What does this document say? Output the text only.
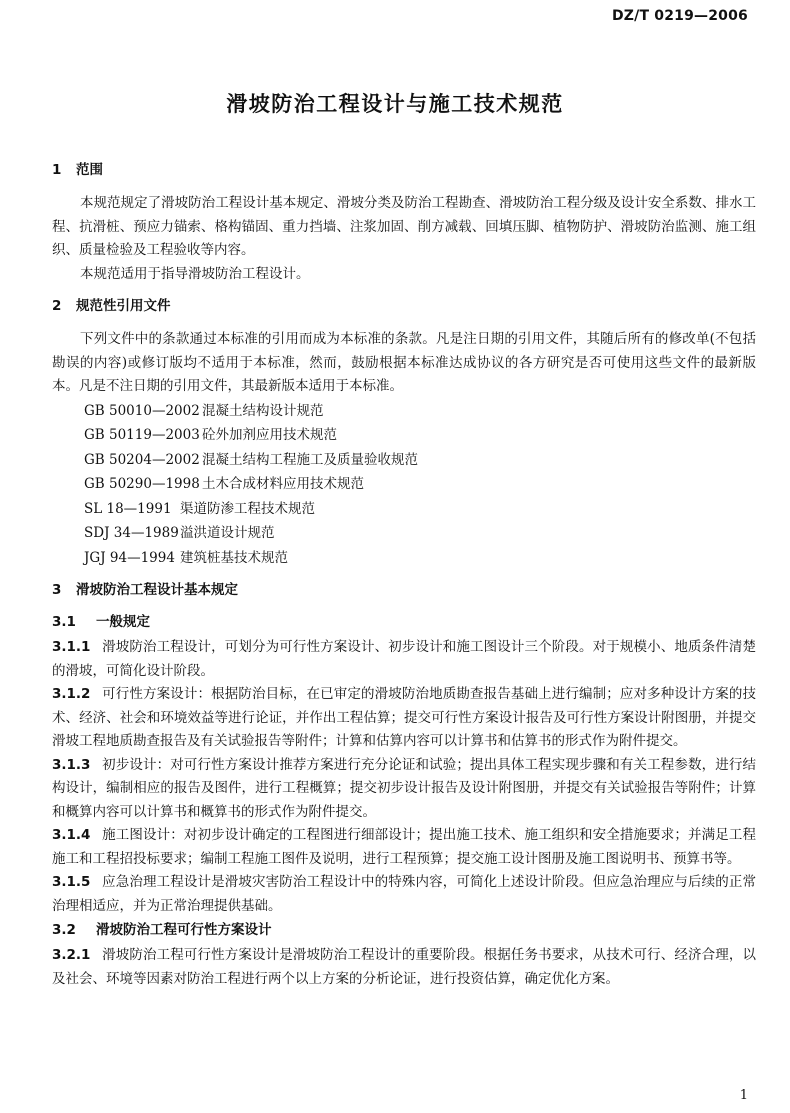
DZ/T 0219—2006
滑坡防治工程设计与施工技术规范
1 范围

本规范规定了滑坡防治工程设计基本规定、滑坡分类及防治工程勘查、滑坡防治工程分级及设计安全系数、排水工程、抗滑桩、预应力锚索、格构锚固、重力挡墙、注浆加固、削方减载、回填压脚、植物防护、滑坡防治监测、施工组织、质量检验及工程验收等内容。

本规范适用于指导滑坡防治工程设计。

2 规范性引用文件

下列文件中的条款通过本标准的引用而成为本标准的条款。凡是注日期的引用文件，其随后所有的修改单(不包括勘误的内容)或修订版均不适用于本标准，然而，鼓励根据本标准达成协议的各方研究是否可使用这些文件的最新版本。凡是不注日期的引用文件，其最新版本适用于本标准。

GB 50010—2002 混凝土结构设计规范
GB 50119—2003 砼外加剂应用技术规范
GB 50204—2002 混凝土结构工程施工及质量验收规范
GB 50290—1998 土木合成材料应用技术规范
SL 18—1991 渠道防渗工程技术规范
SDJ 34—1989溢洪道设计规范
JGJ 94—1994 建筑桩基技术规范
3 滑坡防治工程设计基本规定
3.1 一般规定

3.1.1 滑坡防治工程设计，可划分为可行性方案设计、初步设计和施工图设计三个阶段。对于规模小、地质条件清楚的滑坡，可简化设计阶段。

3.1.2 可行性方案设计：根据防治目标，在已审定的滑坡防治地质勘查报告基础上进行编制；应对多种设计方案的技术、经济、社会和环境效益等进行论证，并作出工程估算；提交可行性方案设计报告及可行性方案设计附图册，并提交滑坡工程地质勘查报告及有关试验报告等附件；计算和估算内容可以计算书和估算书的形式作为附件提交。

3.1.3 初步设计：对可行性方案设计推荐方案进行充分论证和试验；提出具体工程实现步骤和有关工程参数，进行结构设计，编制相应的报告及图件，进行工程概算；提交初步设计报告及设计附图册，并提交有关试验报告等附件；计算和概算内容可以计算书和概算书的形式作为附件提交。

3.1.4 施工图设计：对初步设计确定的工程图进行细部设计；提出施工技术、施工组织和安全措施要求；并满足工程施工和工程招投标要求；编制工程施工图件及说明，进行工程预算；提交施工设计图册及施工图说明书、预算书等。

3.1.5 应急治理工程设计是滑坡灾害防治工程设计中的特殊内容，可简化上述设计阶段。但应急治理应与后续的正常治理相适应，并为正常治理提供基础。

3.2 滑坡防治工程可行性方案设计

3.2.1 滑坡防治工程可行性方案设计是滑坡防治工程设计的重要阶段。根据任务书要求，从技术可行、经济合理，以及社会、环境等因素对防治工程进行两个以上方案的分析论证，进行投资估算，确定优化方案。

1
